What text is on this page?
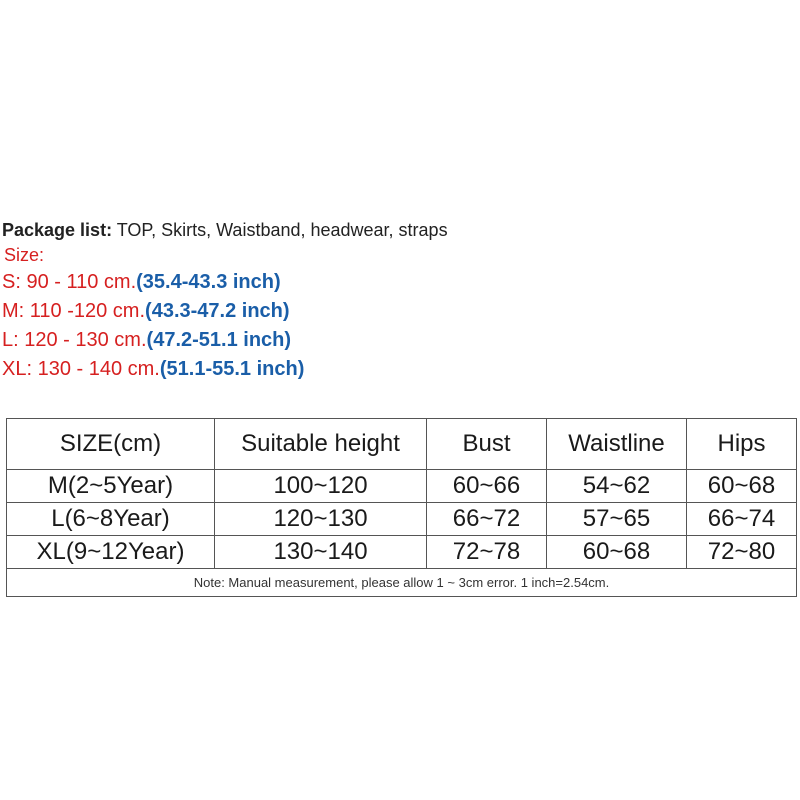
Package list: TOP, Skirts, Waistband, headwear, straps
Size:
S: 90 - 110 cm.(35.4-43.3 inch)
M: 110 -120 cm.(43.3-47.2 inch)
L: 120 - 130 cm.(47.2-51.1 inch)
XL: 130 - 140 cm.(51.1-55.1 inch)
SIZE(cm)	Suitable height	Bust	Waistline	Hips
M(2~5Year)	100~120	60~66	54~62	60~68
L(6~8Year)	120~130	66~72	57~65	66~74
XL(9~12Year)	130~140	72~78	60~68	72~80
Note: Manual measurement, please allow 1 ~ 3cm error. 1 inch=2.54cm.				
